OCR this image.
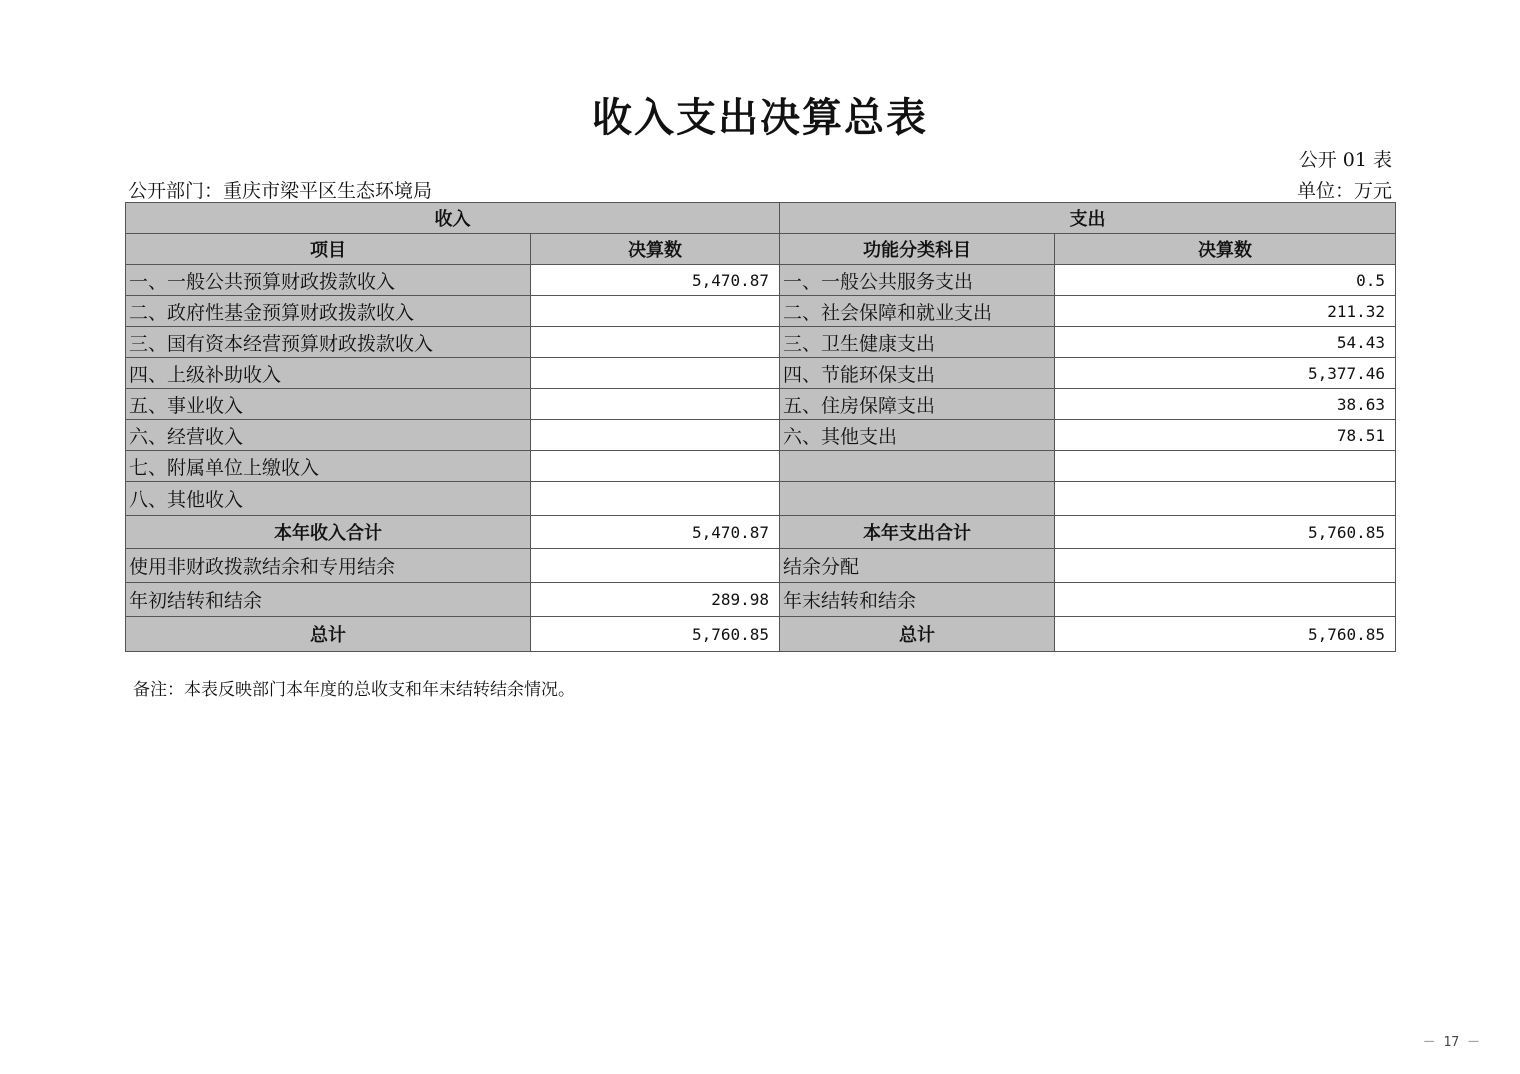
收入支出决算总表
公开 01 表
公开部门：重庆市梁平区生态环境局	单位：万元
收入		支出	
项目	决算数	功能分类科目	决算数
一、一般公共预算财政拨款收入	5,470.87	一、一般公共服务支出	0.5
二、政府性基金预算财政拨款收入		二、社会保障和就业支出	211.32
三、国有资本经营预算财政拨款收入		三、卫生健康支出	54.43
四、上级补助收入		四、节能环保支出	5,377.46
五、事业收入		五、住房保障支出	38.63
六、经营收入		六、其他支出	78.51
七、附属单位上缴收入			
八、其他收入			
本年收入合计	5,470.87	本年支出合计	5,760.85
使用非财政拨款结余和专用结余		结余分配	
年初结转和结余	289.98	年末结转和结余	
总计	5,760.85	总计	5,760.85
备注：本表反映部门本年度的总收支和年末结转结余情况。
－ 17 －
